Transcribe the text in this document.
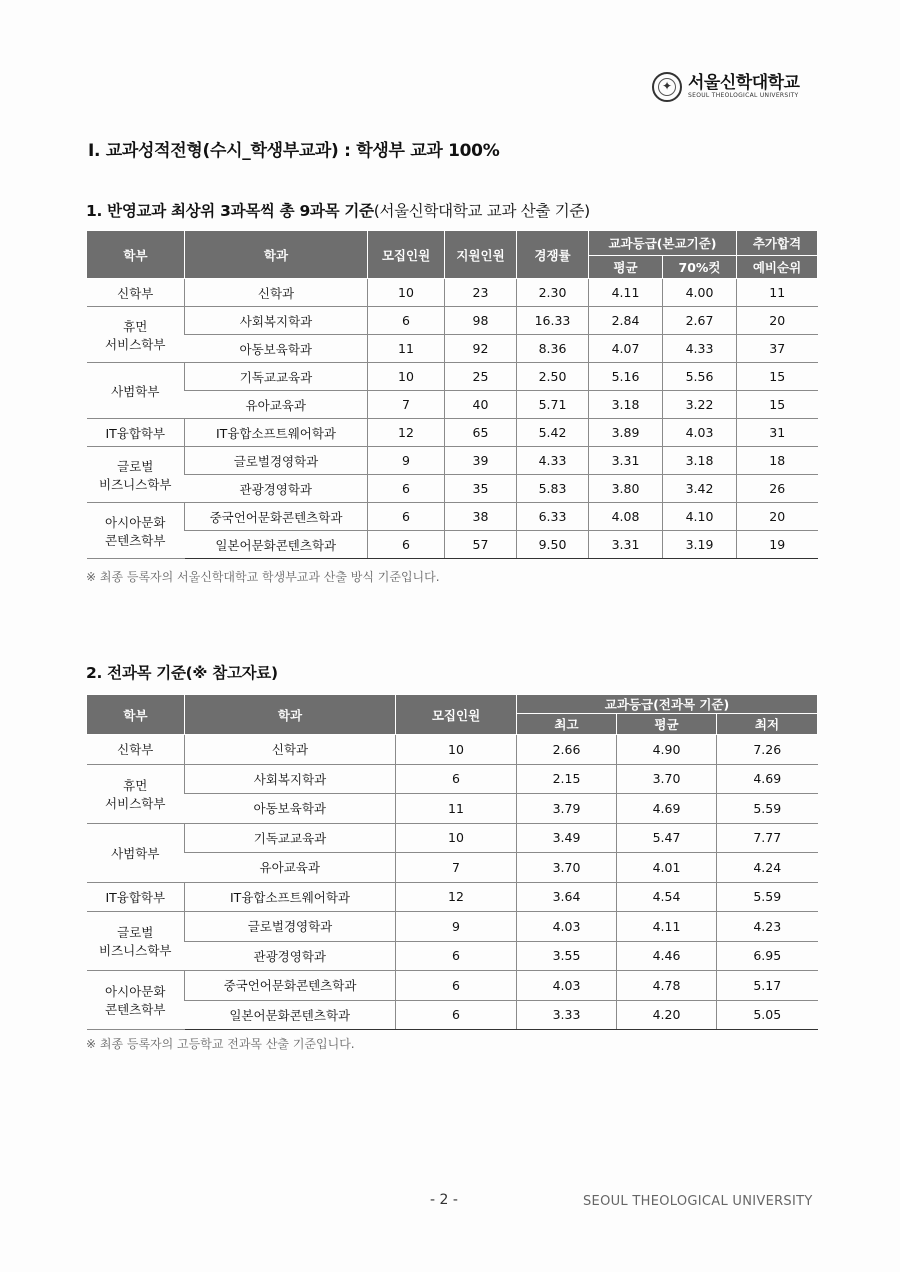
✦
서울신학대학교
SEOUL THEOLOGICAL UNIVERSITY
Ⅰ. 교과성적전형(수시_학생부교과) : 학생부 교과 100%
1. 반영교과 최상위 3과목씩 총 9과목 기준(서울신학대학교 교과 산출 기준)
학부	학과	모집인원	지원인원	경쟁률	교과등급(본교기준)		추가합격
					평균	70%컷	예비순위
신학부	신학과	10	23	2.30	4.11	4.00	11
휴먼
서비스학부	사회복지학과	6	98	16.33	2.84	2.67	20
	아동보육학과	11	92	8.36	4.07	4.33	37
사범학부	기독교교육과	10	25	2.50	5.16	5.56	15
	유아교육과	7	40	5.71	3.18	3.22	15
IT융합학부	IT융합소프트웨어학과	12	65	5.42	3.89	4.03	31
글로벌
비즈니스학부	글로벌경영학과	9	39	4.33	3.31	3.18	18
	관광경영학과	6	35	5.83	3.80	3.42	26
아시아문화
콘텐츠학부	중국언어문화콘텐츠학과	6	38	6.33	4.08	4.10	20
	일본어문화콘텐츠학과	6	57	9.50	3.31	3.19	19
※ 최종 등록자의 서울신학대학교 학생부교과 산출 방식 기준입니다.
2. 전과목 기준(※ 참고자료)
학부	학과	모집인원	교과등급(전과목 기준)		
			최고	평균	최저
신학부	신학과	10	2.66	4.90	7.26
휴먼
서비스학부	사회복지학과	6	2.15	3.70	4.69
	아동보육학과	11	3.79	4.69	5.59
사범학부	기독교교육과	10	3.49	5.47	7.77
	유아교육과	7	3.70	4.01	4.24
IT융합학부	IT융합소프트웨어학과	12	3.64	4.54	5.59
글로벌
비즈니스학부	글로벌경영학과	9	4.03	4.11	4.23
	관광경영학과	6	3.55	4.46	6.95
아시아문화
콘텐츠학부	중국언어문화콘텐츠학과	6	4.03	4.78	5.17
	일본어문화콘텐츠학과	6	3.33	4.20	5.05
※ 최종 등록자의 고등학교 전과목 산출 기준입니다.
- 2 -	SEOUL THEOLOGICAL UNIVERSITY
